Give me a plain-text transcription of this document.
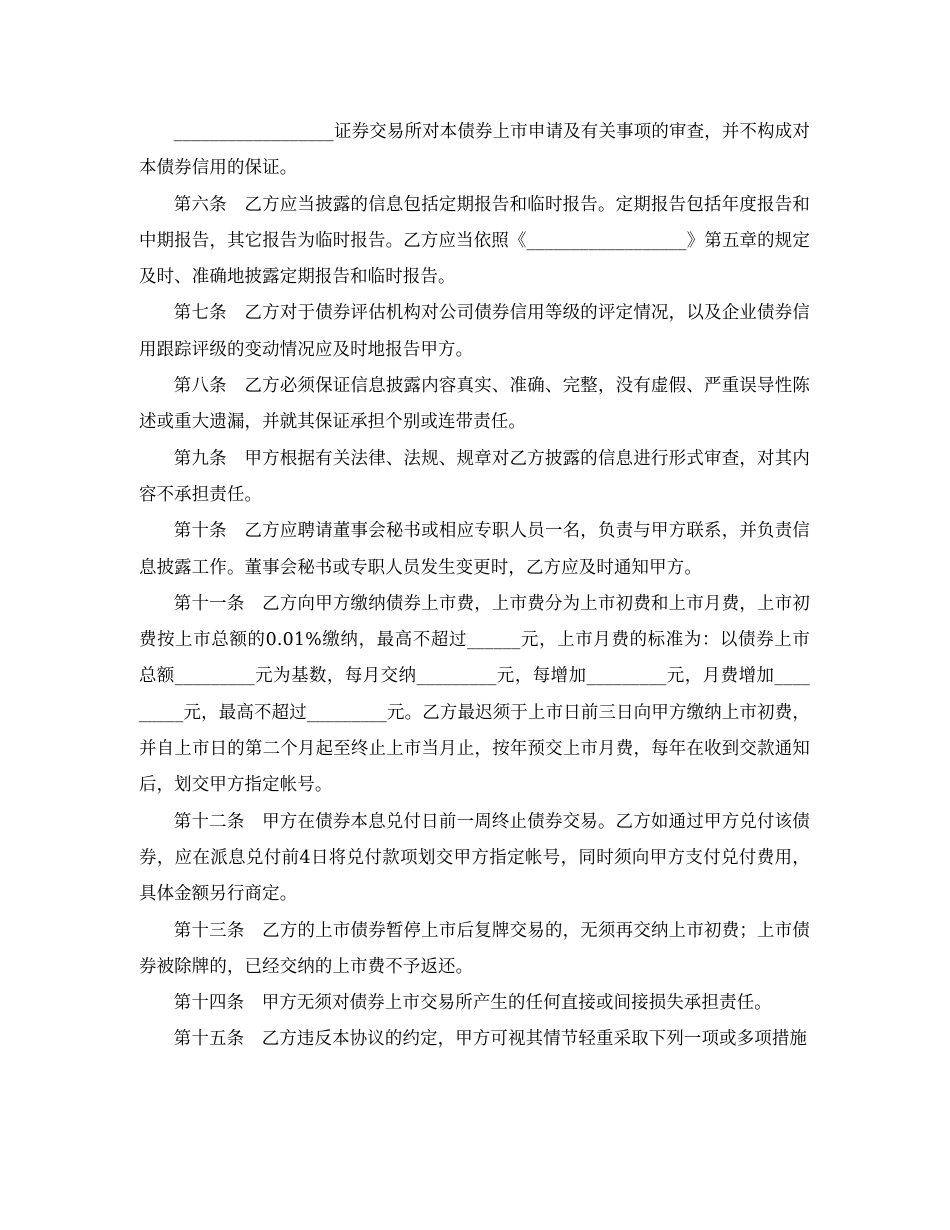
__________________证券交易所对本债券上市申请及有关事项的审查，并不构成对本债券信用的保证。

第六条　乙方应当披露的信息包括定期报告和临时报告。定期报告包括年度报告和中期报告，其它报告为临时报告。乙方应当依照《__________________》第五章的规定及时、准确地披露定期报告和临时报告。

第七条　乙方对于债券评估机构对公司债券信用等级的评定情况，以及企业债券信用跟踪评级的变动情况应及时地报告甲方。

第八条　乙方必须保证信息披露内容真实、准确、完整，没有虚假、严重误导性陈述或重大遗漏，并就其保证承担个别或连带责任。

第九条　甲方根据有关法律、法规、规章对乙方披露的信息进行形式审查，对其内容不承担责任。

第十条　乙方应聘请董事会秘书或相应专职人员一名，负责与甲方联系，并负责信息披露工作。董事会秘书或专职人员发生变更时，乙方应及时通知甲方。

第十一条　乙方向甲方缴纳债券上市费，上市费分为上市初费和上市月费，上市初费按上市总额的0.01%缴纳，最高不超过______元，上市月费的标准为：以债券上市总额_________元为基数，每月交纳_________元，每增加_________元，月费增加_________元，最高不超过_________元。乙方最迟须于上市日前三日向甲方缴纳上市初费，并自上市日的第二个月起至终止上市当月止，按年预交上市月费，每年在收到交款通知后，划交甲方指定帐号。

第十二条　甲方在债券本息兑付日前一周终止债券交易。乙方如通过甲方兑付该债券，应在派息兑付前4日将兑付款项划交甲方指定帐号，同时须向甲方支付兑付费用，具体金额另行商定。

第十三条　乙方的上市债券暂停上市后复牌交易的，无须再交纳上市初费；上市债券被除牌的，已经交纳的上市费不予返还。

第十四条　甲方无须对债券上市交易所产生的任何直接或间接损失承担责任。

第十五条　乙方违反本协议的约定，甲方可视其情节轻重采取下列一项或多项措施
